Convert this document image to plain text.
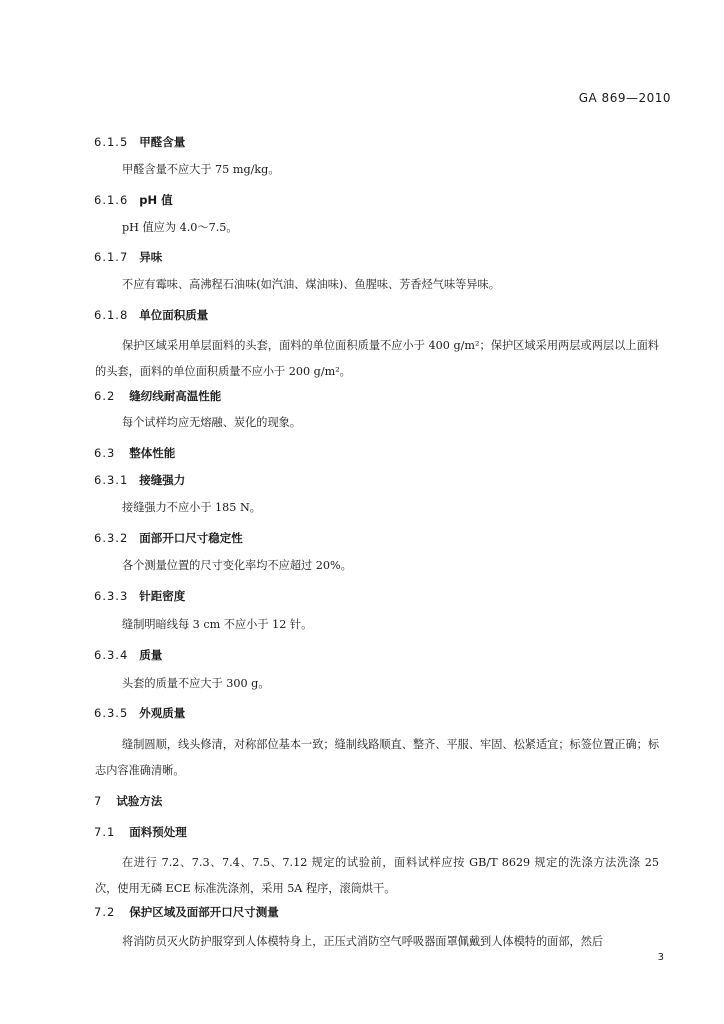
GA 869—2010
6.1.5 甲醛含量
甲醛含量不应大于 75 mg/kg。
6.1.6 pH 值
pH 值应为 4.0～7.5。
6.1.7 异味
不应有霉味、高沸程石油味(如汽油、煤油味)、鱼腥味、芳香烃气味等异味。
6.1.8 单位面积质量
保护区域采用单层面料的头套，面料的单位面积质量不应小于 400 g/m²；保护区域采用两层或两层以上面料的头套，面料的单位面积质量不应小于 200 g/m²。
6.2 缝纫线耐高温性能
每个试样均应无熔融、炭化的现象。
6.3 整体性能
6.3.1 接缝强力
接缝强力不应小于 185 N。
6.3.2 面部开口尺寸稳定性
各个测量位置的尺寸变化率均不应超过 20%。
6.3.3 针距密度
缝制明暗线每 3 cm 不应小于 12 针。
6.3.4 质量
头套的质量不应大于 300 g。
6.3.5 外观质量
缝制圆顺，线头修清，对称部位基本一致；缝制线路顺直、整齐、平服、牢固、松紧适宜；标签位置正确；标志内容准确清晰。
7 试验方法
7.1 面料预处理
在进行 7.2、7.3、7.4、7.5、7.12 规定的试验前，面料试样应按 GB/T 8629 规定的洗涤方法洗涤 25 次，使用无磷 ECE 标准洗涤剂，采用 5A 程序，滚筒烘干。
7.2 保护区域及面部开口尺寸测量
将消防员灭火防护服穿到人体模特身上，正压式消防空气呼吸器面罩佩戴到人体模特的面部，然后
3
